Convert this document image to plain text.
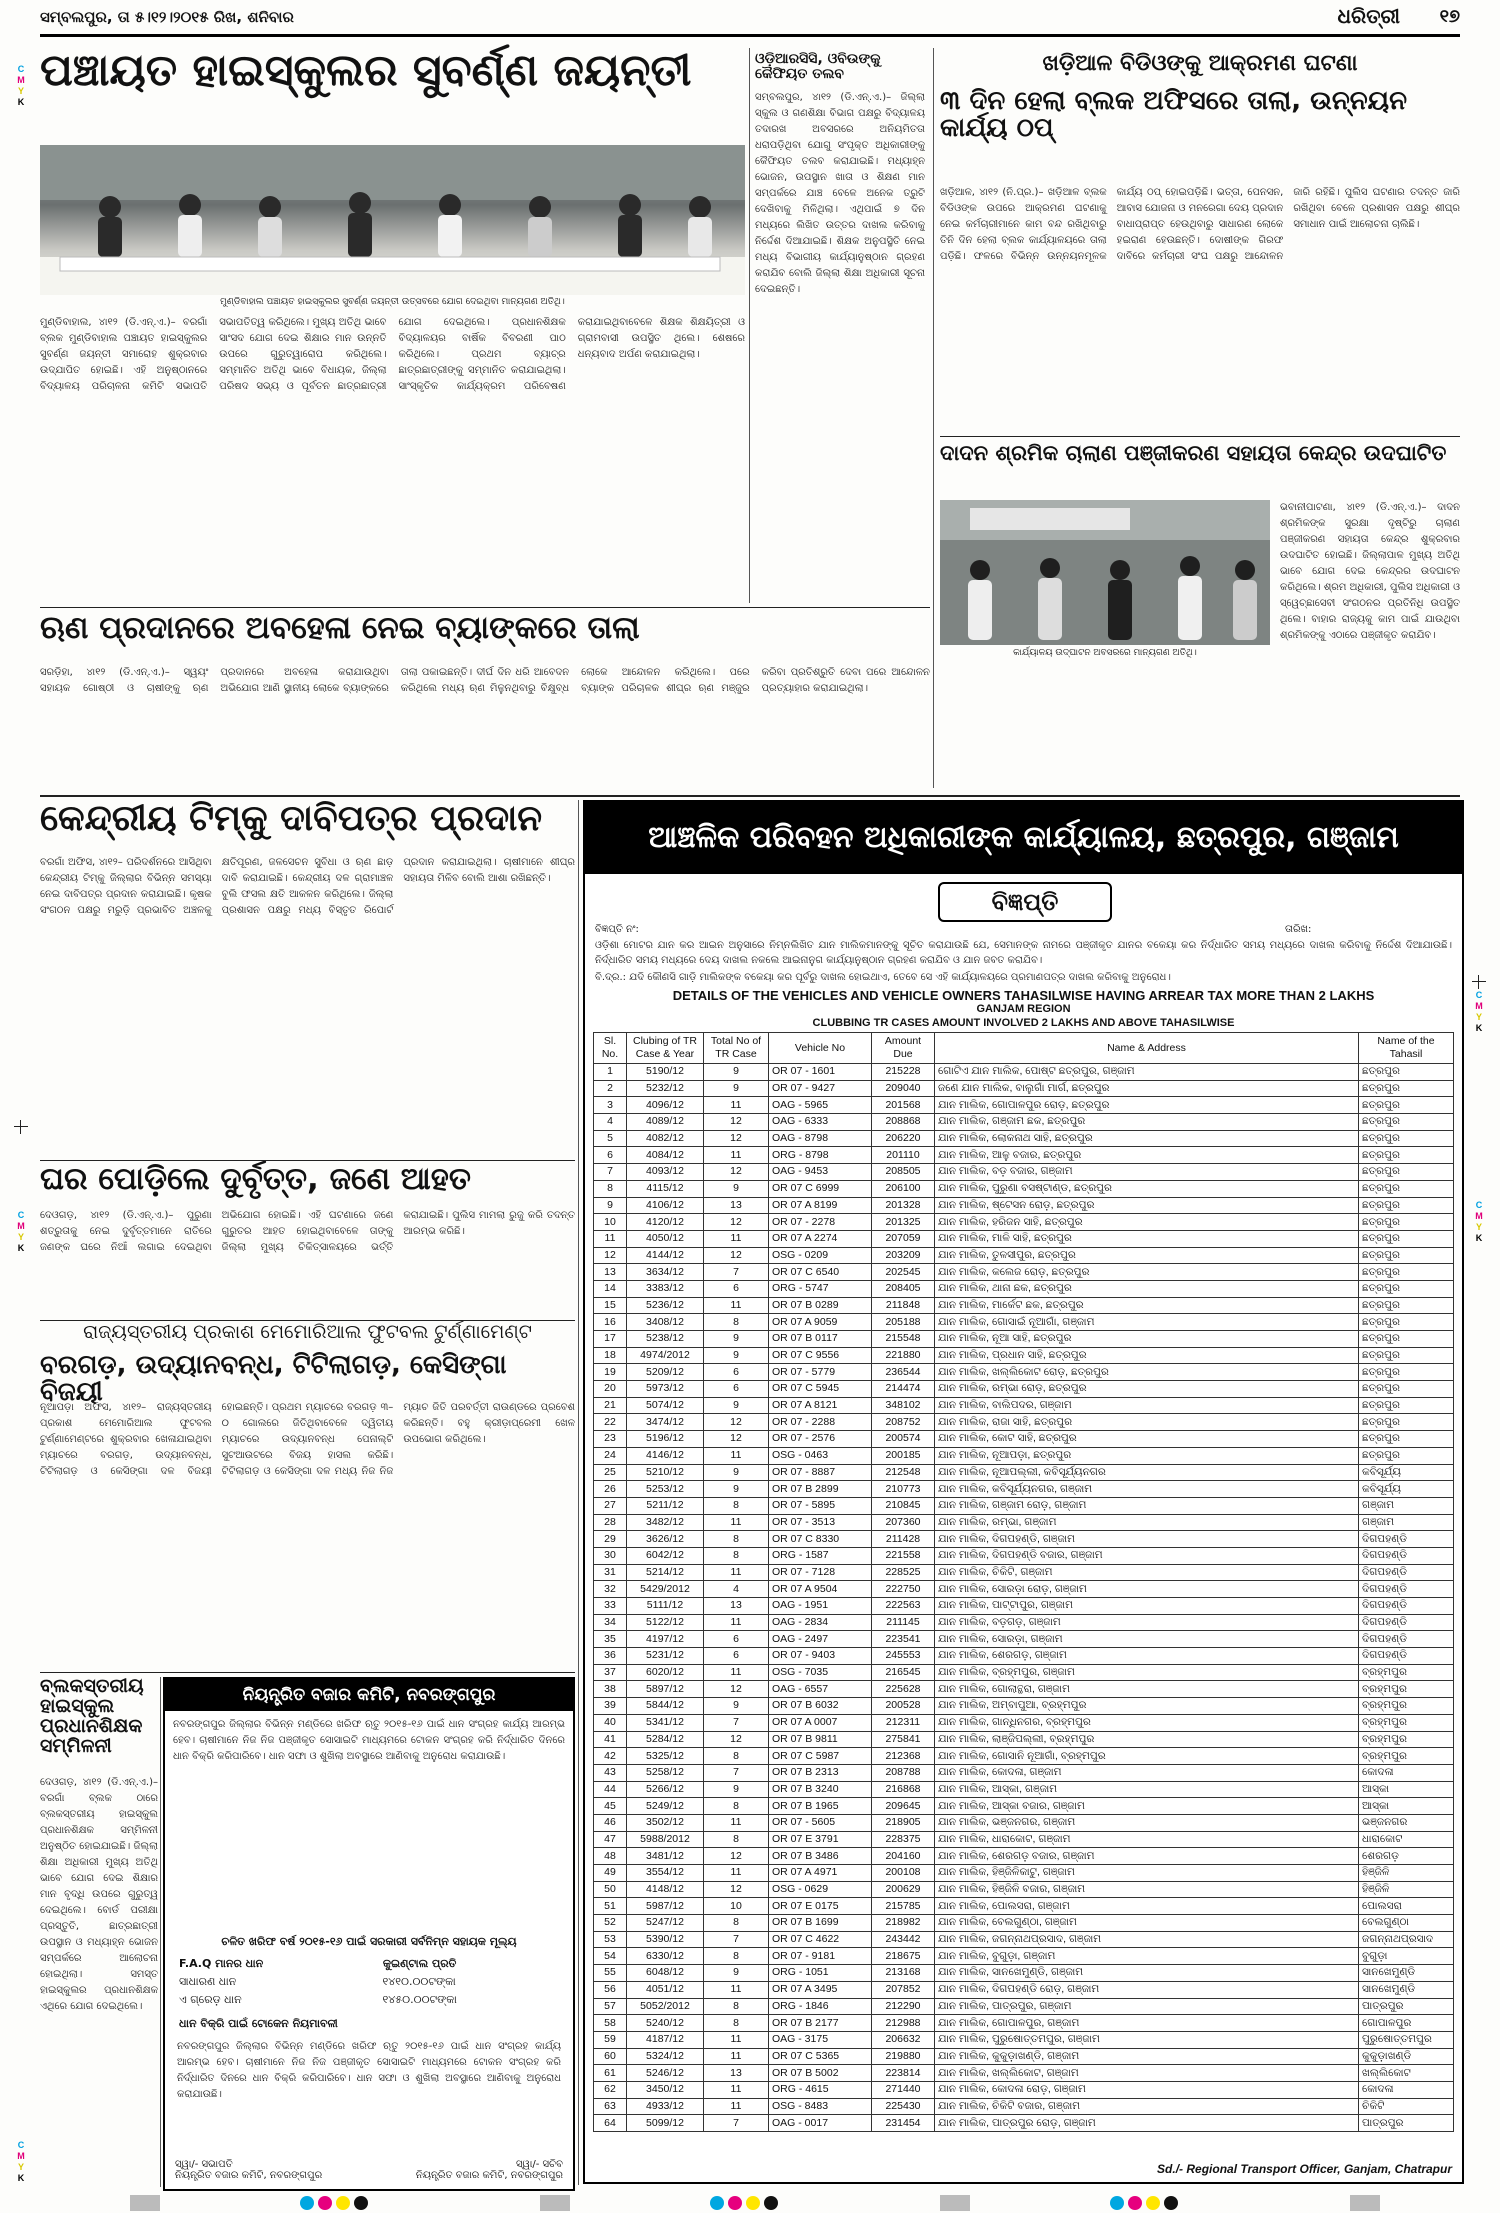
C
M
Y
K
C
M
Y
K
C
M
Y
K
C
M
Y
K
C
M
Y
K
ସମ୍ବଲପୁର, ତା ୫।୧୨।୨୦୧୫ ରିଖ, ଶନିବାର	ଧରିତ୍ରୀ ୧୭
ପଞ୍ଚାୟତ ହାଇସ୍କୁଲର ସୁବର୍ଣ୍ଣ ଜୟନ୍ତୀ
ମୁଣ୍ଡିବାହାଲ ପଞ୍ଚାୟତ ହାଇସ୍କୁଲର ସୁବର୍ଣ୍ଣ ଜୟନ୍ତୀ ଉତ୍ସବରେ ଯୋଗ ଦେଇଥିବା ମାନ୍ୟଗଣ ଅତିଥି।
ମୁଣ୍ଡିବାହାଲ, ୪ା୧୨ (ଡି.ଏନ୍.ଏ.)– ବରଗାଁ ବ୍ଲକ ମୁଣ୍ଡିବାହାଲ ପଞ୍ଚାୟତ ହାଇସ୍କୁଲର ସୁବର୍ଣ୍ଣ ଜୟନ୍ତୀ ସମାରୋହ ଶୁକ୍ରବାର ଉଦ୍‌ଯାପିତ ହୋଇଛି। ଏହି ଅନୁଷ୍ଠାନରେ ବିଦ୍ୟାଳୟ ପରିଚାଳନା କମିଟି ସଭାପତି ସଭାପତିତ୍ୱ କରିଥିଲେ। ମୁଖ୍ୟ ଅତିଥି ଭାବେ ସାଂସଦ ଯୋଗ ଦେଇ ଶିକ୍ଷାର ମାନ ଉନ୍ନତି ଉପରେ ଗୁରୁତ୍ୱାରୋପ କରିଥିଲେ। ସମ୍ମାନିତ ଅତିଥି ଭାବେ ବିଧାୟକ, ଜିଲ୍ଲା ପରିଷଦ ସଭ୍ୟ ଓ ପୂର୍ବତନ ଛାତ୍ରଛାତ୍ରୀ ଯୋଗ ଦେଇଥିଲେ। ପ୍ରଧାନଶିକ୍ଷକ ବିଦ୍ୟାଳୟର ବାର୍ଷିକ ବିବରଣୀ ପାଠ କରିଥିଲେ। ପ୍ରଥମ ବ୍ୟାଚ୍‌ର ଛାତ୍ରଛାତ୍ରୀଙ୍କୁ ସମ୍ମାନିତ କରାଯାଇଥିଲା। ସାଂସ୍କୃତିକ କାର୍ଯ୍ୟକ୍ରମ ପରିବେଷଣ କରାଯାଇଥିବାବେଳେ ଶିକ୍ଷକ ଶିକ୍ଷୟିତ୍ରୀ ଓ ଗ୍ରାମବାସୀ ଉପସ୍ଥିତ ଥିଲେ। ଶେଷରେ ଧନ୍ୟବାଦ ଅର୍ପଣ କରାଯାଇଥିଲା।
ଓଡ଼ିଆରସିସି, ଓବିଉଙ୍କୁ କୈଫିୟତ ତଲବ
ସମ୍ବଲପୁର, ୪ା୧୨ (ଡି.ଏନ୍.ଏ.)– ଜିଲ୍ଲା ସ୍କୁଲ ଓ ଗଣଶିକ୍ଷା ବିଭାଗ ପକ୍ଷରୁ ବିଦ୍ୟାଳୟ ତଦାରଖ ଅବସରରେ ଅନିୟମିତତା ଧରାପଡ଼ିଥିବା ଯୋଗୁ ସଂପୃକ୍ତ ଅଧିକାରୀଙ୍କୁ କୈଫିୟତ ତଲବ କରାଯାଇଛି। ମଧ୍ୟାହ୍ନ ଭୋଜନ, ଉପସ୍ଥାନ ଖାତା ଓ ଶିକ୍ଷଣ ମାନ ସମ୍ପର୍କରେ ଯାଞ୍ଚ ବେଳେ ଅନେକ ତ୍ରୁଟି ଦେଖିବାକୁ ମିଳିଥିଲା। ଏଥିପାଇଁ ୭ ଦିନ ମଧ୍ୟରେ ଲିଖିତ ଉତ୍ତର ଦାଖଲ କରିବାକୁ ନିର୍ଦ୍ଦେଶ ଦିଆଯାଇଛି। ଶିକ୍ଷକ ଅନୁପସ୍ଥିତି ନେଇ ମଧ୍ୟ ବିଭାଗୀୟ କାର୍ଯ୍ୟାନୁଷ୍ଠାନ ଗ୍ରହଣ କରାଯିବ ବୋଲି ଜିଲ୍ଲା ଶିକ୍ଷା ଅଧିକାରୀ ସୂଚନା ଦେଇଛନ୍ତି।
ଖଡ଼ିଆଳ ବିଡିଓଙ୍କୁ ଆକ୍ରମଣ ଘଟଣା
୩ ଦିନ ହେଲା ବ୍ଲକ ଅଫିସରେ ତାଲା, ଉନ୍ନୟନ କାର୍ଯ୍ୟ ଠପ୍
ଖଡ଼ିଆଳ, ୪ା୧୨ (ନି.ପ୍ର.)– ଖଡ଼ିଆଳ ବ୍ଲକ ବିଡିଓଙ୍କ ଉପରେ ଆକ୍ରମଣ ଘଟଣାକୁ ନେଇ କର୍ମଚାରୀମାନେ କାମ ବନ୍ଦ ରଖିଥିବାରୁ ତିନି ଦିନ ହେଲା ବ୍ଲକ କାର୍ଯ୍ୟାଳୟରେ ତାଲା ପଡ଼ିଛି। ଫଳରେ ବିଭିନ୍ନ ଉନ୍ନୟନମୂଳକ କାର୍ଯ୍ୟ ଠପ୍ ହୋଇପଡ଼ିଛି। ଭତ୍ତା, ପେନସନ, ଆବାସ ଯୋଜନା ଓ ମନରେଗା ଦେୟ ପ୍ରଦାନ ବାଧାପ୍ରାପ୍ତ ହେଉଥିବାରୁ ସାଧାରଣ ଲୋକେ ହଇରାଣ ହେଉଛନ୍ତି। ଦୋଷୀଙ୍କ ଗିରଫ ଦାବିରେ କର୍ମଚାରୀ ସଂଘ ପକ୍ଷରୁ ଆନ୍ଦୋଳନ ଜାରି ରହିଛି। ପୁଲିସ ଘଟଣାର ତଦନ୍ତ ଜାରି ରଖିଥିବା ବେଳେ ପ୍ରଶାସନ ପକ୍ଷରୁ ଶୀଘ୍ର ସମାଧାନ ପାଇଁ ଆଲୋଚନା ଚାଲିଛି।
ଦାଦନ ଶ୍ରମିକ ଚାଲାଣ ପଞ୍ଜୀକରଣ ସହାୟତା କେନ୍ଦ୍ର ଉଦଘାଟିତ
କାର୍ଯ୍ୟାଳୟ ଉଦ୍‌ଘାଟନ ଅବସରରେ ମାନ୍ୟଗଣ ଅତିଥି।
ଭବାନୀପାଟଣା, ୪ା୧୨ (ଡି.ଏନ୍.ଏ.)– ଦାଦନ ଶ୍ରମିକଙ୍କ ସୁରକ୍ଷା ଦୃଷ୍ଟିରୁ ଚାଲାଣ ପଞ୍ଜୀକରଣ ସହାୟତା କେନ୍ଦ୍ର ଶୁକ୍ରବାର ଉଦଘାଟିତ ହୋଇଛି। ଜିଲ୍ଲାପାଳ ମୁଖ୍ୟ ଅତିଥି ଭାବେ ଯୋଗ ଦେଇ କେନ୍ଦ୍ରର ଉଦଘାଟନ କରିଥିଲେ। ଶ୍ରମ ଅଧିକାରୀ, ପୁଲିସ ଅଧିକାରୀ ଓ ସ୍ୱେଚ୍ଛାସେବୀ ସଂଗଠନର ପ୍ରତିନିଧି ଉପସ୍ଥିତ ଥିଲେ। ବାହାର ରାଜ୍ୟକୁ କାମ ପାଇଁ ଯାଉଥିବା ଶ୍ରମିକଙ୍କୁ ଏଠାରେ ପଞ୍ଜୀକୃତ କରାଯିବ।
ଋଣ ପ୍ରଦାନରେ ଅବହେଳା ନେଇ ବ୍ୟାଙ୍କରେ ତାଲା
ସରଡ଼ିହା, ୪ା୧୨ (ଡି.ଏନ୍.ଏ.)– ସ୍ୱୟଂ ସହାୟକ ଗୋଷ୍ଠୀ ଓ ଚାଷୀଙ୍କୁ ଋଣ ପ୍ରଦାନରେ ଅବହେଳା କରାଯାଉଥିବା ଅଭିଯୋଗ ଆଣି ସ୍ଥାନୀୟ ଲୋକେ ବ୍ୟାଙ୍କରେ ତାଲା ପକାଇଛନ୍ତି। ଦୀର୍ଘ ଦିନ ଧରି ଆବେଦନ କରିଥିଲେ ମଧ୍ୟ ଋଣ ମିଳୁନଥିବାରୁ ବିକ୍ଷୁବ୍ଧ ଲୋକେ ଆନ୍ଦୋଳନ କରିଥିଲେ। ପରେ ବ୍ୟାଙ୍କ ପରିଚାଳକ ଶୀଘ୍ର ଋଣ ମଞ୍ଜୁର କରିବା ପ୍ରତିଶ୍ରୁତି ଦେବା ପରେ ଆନ୍ଦୋଳନ ପ୍ରତ୍ୟାହାର କରାଯାଇଥିଲା।
କେନ୍ଦ୍ରୀୟ ଟିମ୍‌କୁ ଦାବିପତ୍ର ପ୍ରଦାନ
ବରଗାଁ ଅଫିସ, ୪ା୧୨– ପରିଦର୍ଶନରେ ଆସିଥିବା କେନ୍ଦ୍ରୀୟ ଟିମ୍‌କୁ ଜିଲ୍ଲାର ବିଭିନ୍ନ ସମସ୍ୟା ନେଇ ଦାବିପତ୍ର ପ୍ରଦାନ କରାଯାଇଛି। କୃଷକ ସଂଗଠନ ପକ୍ଷରୁ ମରୁଡ଼ି ପ୍ରଭାବିତ ଅଞ୍ଚଳକୁ କ୍ଷତିପୂରଣ, ଜଳସେଚନ ସୁବିଧା ଓ ଋଣ ଛାଡ଼ ଦାବି କରାଯାଇଛି। କେନ୍ଦ୍ରୀୟ ଦଳ ଗ୍ରାମାଞ୍ଚଳ ବୁଲି ଫସଲ କ୍ଷତି ଆକଳନ କରିଥିଲେ। ଜିଲ୍ଲା ପ୍ରଶାସନ ପକ୍ଷରୁ ମଧ୍ୟ ବିସ୍ତୃତ ରିପୋର୍ଟ ପ୍ରଦାନ କରାଯାଇଥିଲା। ଚାଷୀମାନେ ଶୀଘ୍ର ସହାୟତା ମିଳିବ ବୋଲି ଆଶା ରଖିଛନ୍ତି।
ଘର ପୋଡ଼ିଲେ ଦୁର୍ବୃତ୍ତ, ଜଣେ ଆହତ
ଦେଓଗଡ଼, ୪ା୧୨ (ଡି.ଏନ୍.ଏ.)– ପୁରୁଣା ଶତ୍ରୁତାକୁ ନେଇ ଦୁର୍ବୃତ୍ତମାନେ ରାତିରେ ଜଣଙ୍କ ଘରେ ନିଆଁ ଲଗାଇ ଦେଇଥିବା ଅଭିଯୋଗ ହୋଇଛି। ଏହି ଘଟଣାରେ ଜଣେ ଗୁରୁତର ଆହତ ହୋଇଥିବାବେଳେ ତାଙ୍କୁ ଜିଲ୍ଲା ମୁଖ୍ୟ ଚିକିତ୍ସାଳୟରେ ଭର୍ତ୍ତି କରାଯାଇଛି। ପୁଲିସ ମାମଲା ରୁଜୁ କରି ତଦନ୍ତ ଆରମ୍ଭ କରିଛି।
ରାଜ୍ୟସ୍ତରୀୟ ପ୍ରକାଶ ମେମୋରିଆଲ ଫୁଟବଲ ଟୁର୍ଣ୍ଣାମେଣ୍ଟ
ବରଗଡ଼, ଉଦ୍ୟାନବନ୍ଧ, ଟିଟିଲାଗଡ଼, କେସିଙ୍ଗା ବିଜୟୀ
ନୂଆପଡ଼ା ଅଫିସ, ୪ା୧୨– ରାଜ୍ୟସ୍ତରୀୟ ପ୍ରକାଶ ମେମୋରିଆଲ ଫୁଟବଲ ଟୁର୍ଣ୍ଣାମେଣ୍ଟରେ ଶୁକ୍ରବାର ଖେଳାଯାଇଥିବା ମ୍ୟାଚରେ ବରଗଡ଼, ଉଦ୍ୟାନବନ୍ଧ, ଟିଟିଲାଗଡ଼ ଓ କେସିଙ୍ଗା ଦଳ ବିଜୟୀ ହୋଇଛନ୍ତି। ପ୍ରଥମ ମ୍ୟାଚରେ ବରଗଡ଼ ୩–୦ ଗୋଲରେ ଜିତିଥିବାବେଳେ ଦ୍ୱିତୀୟ ମ୍ୟାଚରେ ଉଦ୍ୟାନବନ୍ଧ ପେନାଲ୍ଟି ସୁଟଆଉଟରେ ବିଜୟ ହାସଲ କରିଛି। ଟିଟିଲାଗଡ଼ ଓ କେସିଙ୍ଗା ଦଳ ମଧ୍ୟ ନିଜ ନିଜ ମ୍ୟାଚ ଜିତି ପରବର୍ତ୍ତୀ ରାଉଣ୍ଡରେ ପ୍ରବେଶ କରିଛନ୍ତି। ବହୁ କ୍ରୀଡ଼ାପ୍ରେମୀ ଖେଳ ଉପଭୋଗ କରିଥିଲେ।
ବ୍ଲକସ୍ତରୀୟ ହାଇସ୍କୁଲ ପ୍ରଧାନଶିକ୍ଷକ ସମ୍ମିଳନୀ
ଦେଓଗଡ଼, ୪ା୧୨ (ଡି.ଏନ୍.ଏ.)– ବରଗାଁ ବ୍ଲକ ଠାରେ ବ୍ଲକସ୍ତରୀୟ ହାଇସ୍କୁଲ ପ୍ରଧାନଶିକ୍ଷକ ସମ୍ମିଳନୀ ଅନୁଷ୍ଠିତ ହୋଇଯାଇଛି। ଜିଲ୍ଲା ଶିକ୍ଷା ଅଧିକାରୀ ମୁଖ୍ୟ ଅତିଥି ଭାବେ ଯୋଗ ଦେଇ ଶିକ୍ଷାର ମାନ ବୃଦ୍ଧି ଉପରେ ଗୁରୁତ୍ୱ ଦେଇଥିଲେ। ବୋର୍ଡ ପରୀକ୍ଷା ପ୍ରସ୍ତୁତି, ଛାତ୍ରଛାତ୍ରୀ ଉପସ୍ଥାନ ଓ ମଧ୍ୟାହ୍ନ ଭୋଜନ ସମ୍ପର୍କରେ ଆଲୋଚନା ହୋଇଥିଲା। ସମସ୍ତ ହାଇସ୍କୁଲର ପ୍ରଧାନଶିକ୍ଷକ ଏଥିରେ ଯୋଗ ଦେଇଥିଲେ।
ନିୟନ୍ତ୍ରିତ ବଜାର କମିଟି, ନବରଙ୍ଗପୁର
ନବରଙ୍ଗପୁର ଜିଲ୍ଲାର ବିଭିନ୍ନ ମଣ୍ଡିରେ ଖରିଫ ଋତୁ ୨୦୧୫-୧୬ ପାଇଁ ଧାନ ସଂଗ୍ରହ କାର୍ଯ୍ୟ ଆରମ୍ଭ ହେବ। ଚାଷୀମାନେ ନିଜ ନିଜ ପଞ୍ଜୀକୃତ ସୋସାଇଟି ମାଧ୍ୟମରେ ଟୋକନ ସଂଗ୍ରହ କରି ନିର୍ଦ୍ଧାରିତ ଦିନରେ ଧାନ ବିକ୍ରି କରିପାରିବେ। ଧାନ ସଫା ଓ ଶୁଖିଲା ଅବସ୍ଥାରେ ଆଣିବାକୁ ଅନୁରୋଧ କରାଯାଉଛି।
ଚଳିତ ଖରିଫ ବର୍ଷ ୨୦୧୫-୧୬ ପାଇଁ ସରକାରୀ ସର୍ବନିମ୍ନ ସହାୟକ ମୂଲ୍ୟ
F.A.Q ମାନର ଧାନ	କୁଇଣ୍ଟାଲ ପ୍ରତି
ସାଧାରଣ ଧାନ	୧୪୧୦.୦୦ଟଙ୍କା
ଏ ଗ୍ରେଡ଼ ଧାନ	୧୪୫୦.୦୦ଟଙ୍କା
ଧାନ ବିକ୍ରି ପାଇଁ ଟୋକେନ ନିୟମାବଳୀ
ନବରଙ୍ଗପୁର ଜିଲ୍ଲାର ବିଭିନ୍ନ ମଣ୍ଡିରେ ଖରିଫ ଋତୁ ୨୦୧୫-୧୬ ପାଇଁ ଧାନ ସଂଗ୍ରହ କାର୍ଯ୍ୟ ଆରମ୍ଭ ହେବ। ଚାଷୀମାନେ ନିଜ ନିଜ ପଞ୍ଜୀକୃତ ସୋସାଇଟି ମାଧ୍ୟମରେ ଟୋକନ ସଂଗ୍ରହ କରି ନିର୍ଦ୍ଧାରିତ ଦିନରେ ଧାନ ବିକ୍ରି କରିପାରିବେ। ଧାନ ସଫା ଓ ଶୁଖିଲା ଅବସ୍ଥାରେ ଆଣିବାକୁ ଅନୁରୋଧ କରାଯାଉଛି।
ସ୍ୱା/- ସଭାପତି	ସ୍ୱା/- ସଚିବ
ନିୟନ୍ତ୍ରିତ ବଜାର କମିଟି, ନବରଙ୍ଗପୁର	ନିୟନ୍ତ୍ରିତ ବଜାର କମିଟି, ନବରଙ୍ଗପୁର
ଆଞ୍ଚଳିକ ପରିବହନ ଅଧିକାରୀଙ୍କ କାର୍ଯ୍ୟାଳୟ, ଛତ୍ରପୁର, ଗଞ୍ଜାମ
ବିଜ୍ଞପ୍ତି
ବିଜ୍ଞପ୍ତି ନଂ:	ତାରିଖ:
ଓଡ଼ିଶା ମୋଟର ଯାନ କର ଆଇନ ଅନୁସାରେ ନିମ୍ନଲିଖିତ ଯାନ ମାଲିକମାନଙ୍କୁ ସୂଚିତ କରାଯାଉଛି ଯେ, ସେମାନଙ୍କ ନାମରେ ପଞ୍ଜୀକୃତ ଯାନର ବକେୟା କର ନିର୍ଦ୍ଧାରିତ ସମୟ ମଧ୍ୟରେ ଦାଖଲ କରିବାକୁ ନିର୍ଦ୍ଦେଶ ଦିଆଯାଉଛି। ନିର୍ଦ୍ଧାରିତ ସମୟ ମଧ୍ୟରେ ଦେୟ ଦାଖଲ ନକଲେ ଆଇନାନୁଗ କାର୍ଯ୍ୟାନୁଷ୍ଠାନ ଗ୍ରହଣ କରାଯିବ ଓ ଯାନ ଜବତ କରାଯିବ।
ବି.ଦ୍ର.: ଯଦି କୌଣସି ଗାଡ଼ି ମାଲିକଙ୍କ ବକେୟା କର ପୂର୍ବରୁ ଦାଖଲ ହୋଇଥାଏ, ତେବେ ସେ ଏହି କାର୍ଯ୍ୟାଳୟରେ ପ୍ରମାଣପତ୍ର ଦାଖଲ କରିବାକୁ ଅନୁରୋଧ।
DETAILS OF THE VEHICLES AND VEHICLE OWNERS TAHASILWISE HAVING ARREAR TAX MORE THAN 2 LAKHS
GANJAM REGION
CLUBBING TR CASES AMOUNT INVOLVED 2 LAKHS AND ABOVE TAHASILWISE
Sl. No.	Clubing of TR Case & Year	Total No of TR Case	Vehicle No	Amount Due	Name & Address	Name of the Tahasil
1	5190/12	9	OR 07 - 1601	215228	ଗୋଟିଏ ଯାନ ମାଲିକ, ପୋଷ୍ଟ ଛତ୍ରପୁର, ଗଞ୍ଜାମ	ଛତ୍ରପୁର
2	5232/12	9	OR 07 - 9427	209040	ଜଣେ ଯାନ ମାଲିକ, ବାଲୁଗାଁ ମାର୍ଗ, ଛତ୍ରପୁର	ଛତ୍ରପୁର
3	4096/12	11	OAG - 5965	201568	ଯାନ ମାଲିକ, ଗୋପାଳପୁର ରୋଡ଼, ଛତ୍ରପୁର	ଛତ୍ରପୁର
4	4089/12	12	OAG - 6333	208868	ଯାନ ମାଲିକ, ଗଞ୍ଜାମ ଛକ, ଛତ୍ରପୁର	ଛତ୍ରପୁର
5	4082/12	12	OAG - 8798	206220	ଯାନ ମାଲିକ, ଲୋକନାଥ ସାହି, ଛତ୍ରପୁର	ଛତ୍ରପୁର
6	4084/12	11	ORG - 8798	201110	ଯାନ ମାଲିକ, ଆଳୁ ବଜାର, ଛତ୍ରପୁର	ଛତ୍ରପୁର
7	4093/12	12	OAG - 9453	208505	ଯାନ ମାଲିକ, ବଡ଼ ବଜାର, ଗଞ୍ଜାମ	ଛତ୍ରପୁର
8	4115/12	9	OR 07 C 6999	206100	ଯାନ ମାଲିକ, ପୁରୁଣା ବସଷ୍ଟାଣ୍ଡ, ଛତ୍ରପୁର	ଛତ୍ରପୁର
9	4106/12	13	OR 07 A 8199	201328	ଯାନ ମାଲିକ, ଷ୍ଟେସନ ରୋଡ଼, ଛତ୍ରପୁର	ଛତ୍ରପୁର
10	4120/12	12	OR 07 - 2278	201325	ଯାନ ମାଲିକ, ହରିଜନ ସାହି, ଛତ୍ରପୁର	ଛତ୍ରପୁର
11	4050/12	11	OR 07 A 2274	207059	ଯାନ ମାଲିକ, ମାଳି ସାହି, ଛତ୍ରପୁର	ଛତ୍ରପୁର
12	4144/12	12	OSG - 0209	203209	ଯାନ ମାଲିକ, ତୁଳସୀପୁର, ଛତ୍ରପୁର	ଛତ୍ରପୁର
13	3634/12	7	OR 07 C 6540	202545	ଯାନ ମାଲିକ, କଲେଜ ରୋଡ଼, ଛତ୍ରପୁର	ଛତ୍ରପୁର
14	3383/12	6	ORG - 5747	208405	ଯାନ ମାଲିକ, ଥାନା ଛକ, ଛତ୍ରପୁର	ଛତ୍ରପୁର
15	5236/12	11	OR 07 B 0289	211848	ଯାନ ମାଲିକ, ମାର୍କେଟ ଛକ, ଛତ୍ରପୁର	ଛତ୍ରପୁର
16	3408/12	8	OR 07 A 9059	205188	ଯାନ ମାଲିକ, ଗୋସାଇଁ ନୂଆଗାଁ, ଗଞ୍ଜାମ	ଛତ୍ରପୁର
17	5238/12	9	OR 07 B 0117	215548	ଯାନ ମାଲିକ, ନୂଆ ସାହି, ଛତ୍ରପୁର	ଛତ୍ରପୁର
18	4974/2012	9	OR 07 C 9556	221880	ଯାନ ମାଲିକ, ପ୍ରଧାନ ସାହି, ଛତ୍ରପୁର	ଛତ୍ରପୁର
19	5209/12	6	OR 07 - 5779	236544	ଯାନ ମାଲିକ, ଖଲ୍ଲିକୋଟ ରୋଡ଼, ଛତ୍ରପୁର	ଛତ୍ରପୁର
20	5973/12	6	OR 07 C 5945	214474	ଯାନ ମାଲିକ, ରମ୍ଭା ରୋଡ଼, ଛତ୍ରପୁର	ଛତ୍ରପୁର
21	5074/12	9	OR 07 A 8121	348102	ଯାନ ମାଲିକ, ବାଲିପଦର, ଗଞ୍ଜାମ	ଛତ୍ରପୁର
22	3474/12	12	OR 07 - 2288	208752	ଯାନ ମାଲିକ, ରାଜା ସାହି, ଛତ୍ରପୁର	ଛତ୍ରପୁର
23	5196/12	12	OR 07 - 2576	200574	ଯାନ ମାଲିକ, କୋଟ ସାହି, ଛତ୍ରପୁର	ଛତ୍ରପୁର
24	4146/12	11	OSG - 0463	200185	ଯାନ ମାଲିକ, ନୂଆପଡ଼ା, ଛତ୍ରପୁର	ଛତ୍ରପୁର
25	5210/12	9	OR 07 - 8887	212548	ଯାନ ମାଲିକ, ନୂଆପଲ୍ଲୀ, କବିସୂର୍ଯ୍ୟନଗର	କବିସୂର୍ଯ୍ୟ
26	5253/12	9	OR 07 B 2899	210773	ଯାନ ମାଲିକ, କବିସୂର୍ଯ୍ୟନଗର, ଗଞ୍ଜାମ	କବିସୂର୍ଯ୍ୟ
27	5211/12	8	OR 07 - 5895	210845	ଯାନ ମାଲିକ, ଗଞ୍ଜାମ ରୋଡ଼, ଗଞ୍ଜାମ	ଗଞ୍ଜାମ
28	3482/12	11	OR 07 - 3513	207360	ଯାନ ମାଲିକ, ରମ୍ଭା, ଗଞ୍ଜାମ	ଗଞ୍ଜାମ
29	3626/12	8	OR 07 C 8330	211428	ଯାନ ମାଲିକ, ଦିଗପହଣ୍ଡି, ଗଞ୍ଜାମ	ଦିଗପହଣ୍ଡି
30	6042/12	8	ORG - 1587	221558	ଯାନ ମାଲିକ, ଦିଗପହଣ୍ଡି ବଜାର, ଗଞ୍ଜାମ	ଦିଗପହଣ୍ଡି
31	5214/12	11	OR 07 - 7128	228525	ଯାନ ମାଲିକ, ଚିକିଟି, ଗଞ୍ଜାମ	ଦିଗପହଣ୍ଡି
32	5429/2012	4	OR 07 A 9504	222750	ଯାନ ମାଲିକ, ସୋରଡ଼ା ରୋଡ଼, ଗଞ୍ଜାମ	ଦିଗପହଣ୍ଡି
33	5111/12	13	OAG - 1951	222563	ଯାନ ମାଲିକ, ପାଟ୍ଟାପୁର, ଗଞ୍ଜାମ	ଦିଗପହଣ୍ଡି
34	5122/12	11	OAG - 2834	211145	ଯାନ ମାଲିକ, ବଡ଼ଗଡ଼, ଗଞ୍ଜାମ	ଦିଗପହଣ୍ଡି
35	4197/12	6	OAG - 2497	223541	ଯାନ ମାଲିକ, ସୋରଡ଼ା, ଗଞ୍ଜାମ	ଦିଗପହଣ୍ଡି
36	5231/12	6	OR 07 - 9403	245553	ଯାନ ମାଲିକ, ଶେରଗଡ଼, ଗଞ୍ଜାମ	ଦିଗପହଣ୍ଡି
37	6020/12	11	OSG - 7035	216545	ଯାନ ମାଲିକ, ବ୍ରହ୍ମପୁର, ଗଞ୍ଜାମ	ବ୍ରହ୍ମପୁର
38	5897/12	12	OAG - 6557	225628	ଯାନ ମାଲିକ, ଗୋଲାନ୍ଥରା, ଗଞ୍ଜାମ	ବ୍ରହ୍ମପୁର
39	5844/12	9	OR 07 B 6032	200528	ଯାନ ମାଲିକ, ଅମ୍ବାପୁଆ, ବ୍ରହ୍ମପୁର	ବ୍ରହ୍ମପୁର
40	5341/12	7	OR 07 A 0007	212311	ଯାନ ମାଲିକ, ଗାନ୍ଧିନଗର, ବ୍ରହ୍ମପୁର	ବ୍ରହ୍ମପୁର
41	5284/12	12	OR 07 B 9811	275841	ଯାନ ମାଲିକ, ଲାଞ୍ଜିପଲ୍ଲୀ, ବ୍ରହ୍ମପୁର	ବ୍ରହ୍ମପୁର
42	5325/12	8	OR 07 C 5987	212368	ଯାନ ମାଲିକ, ଗୋସାନି ନୂଆଗାଁ, ବ୍ରହ୍ମପୁର	ବ୍ରହ୍ମପୁର
43	5258/12	7	OR 07 B 2313	208788	ଯାନ ମାଲିକ, କୋଦଳା, ଗଞ୍ଜାମ	କୋଦଳା
44	5266/12	9	OR 07 B 3240	216868	ଯାନ ମାଲିକ, ଆସ୍କା, ଗଞ୍ଜାମ	ଆସ୍କା
45	5249/12	8	OR 07 B 1965	209645	ଯାନ ମାଲିକ, ଆସ୍କା ବଜାର, ଗଞ୍ଜାମ	ଆସ୍କା
46	3502/12	11	OR 07 - 5605	218905	ଯାନ ମାଲିକ, ଭଞ୍ଜନଗର, ଗଞ୍ଜାମ	ଭଞ୍ଜନଗର
47	5988/2012	8	OR 07 E 3791	228375	ଯାନ ମାଲିକ, ଧାରାକୋଟ, ଗଞ୍ଜାମ	ଧାରାକୋଟ
48	3481/12	12	OR 07 B 3486	204160	ଯାନ ମାଲିକ, ଶେରଗଡ଼ ବଜାର, ଗଞ୍ଜାମ	ଶେରଗଡ଼
49	3554/12	11	OR 07 A 4971	200108	ଯାନ ମାଲିକ, ହିଞ୍ଜିଳିକାଟୁ, ଗଞ୍ଜାମ	ହିଞ୍ଜିଳି
50	4148/12	12	OSG - 0629	200629	ଯାନ ମାଲିକ, ହିଞ୍ଜିଳି ବଜାର, ଗଞ୍ଜାମ	ହିଞ୍ଜିଳି
51	5987/12	10	OR 07 E 0175	215785	ଯାନ ମାଲିକ, ପୋଲସରା, ଗଞ୍ଜାମ	ପୋଲସରା
52	5247/12	8	OR 07 B 1699	218982	ଯାନ ମାଲିକ, ବେଲଗୁଣ୍ଠା, ଗଞ୍ଜାମ	ବେଲଗୁଣ୍ଠା
53	5390/12	7	OR 07 C 4622	243442	ଯାନ ମାଲିକ, ଜଗନ୍ନାଥପ୍ରସାଦ, ଗଞ୍ଜାମ	ଜଗନ୍ନାଥପ୍ରସାଦ
54	6330/12	8	OR 07 - 9181	218675	ଯାନ ମାଲିକ, ବୁଗୁଡ଼ା, ଗଞ୍ଜାମ	ବୁଗୁଡ଼ା
55	6048/12	9	ORG - 1051	213168	ଯାନ ମାଲିକ, ସାନଖେମୁଣ୍ଡି, ଗଞ୍ଜାମ	ସାନଖେମୁଣ୍ଡି
56	4051/12	11	OR 07 A 3495	207852	ଯାନ ମାଲିକ, ଦିଗପହଣ୍ଡି ରୋଡ଼, ଗଞ୍ଜାମ	ସାନଖେମୁଣ୍ଡି
57	5052/2012	8	ORG - 1846	212290	ଯାନ ମାଲିକ, ପାତ୍ରପୁର, ଗଞ୍ଜାମ	ପାତ୍ରପୁର
58	5240/12	8	OR 07 B 2177	212988	ଯାନ ମାଲିକ, ଗୋପାଳପୁର, ଗଞ୍ଜାମ	ଗୋପାଳପୁର
59	4187/12	11	OAG - 3175	206632	ଯାନ ମାଲିକ, ପୁରୁଷୋତ୍ତମପୁର, ଗଞ୍ଜାମ	ପୁରୁଷୋତ୍ତମପୁର
60	5324/12	11	OR 07 C 5365	219880	ଯାନ ମାଲିକ, କୁକୁଡ଼ାଖଣ୍ଡି, ଗଞ୍ଜାମ	କୁକୁଡ଼ାଖଣ୍ଡି
61	5246/12	13	OR 07 B 5002	223814	ଯାନ ମାଲିକ, ଖଲ୍ଲିକୋଟ, ଗଞ୍ଜାମ	ଖଲ୍ଲିକୋଟ
62	3450/12	11	ORG - 4615	271440	ଯାନ ମାଲିକ, କୋଦଳା ରୋଡ଼, ଗଞ୍ଜାମ	କୋଦଳା
63	4933/12	11	OSG - 8483	225430	ଯାନ ମାଲିକ, ଚିକିଟି ବଜାର, ଗଞ୍ଜାମ	ଚିକିଟି
64	5099/12	7	OAG - 0017	231454	ଯାନ ମାଲିକ, ପାତ୍ରପୁର ରୋଡ଼, ଗଞ୍ଜାମ	ପାତ୍ରପୁର
Sd./- Regional Transport Officer, Ganjam, Chatrapur
